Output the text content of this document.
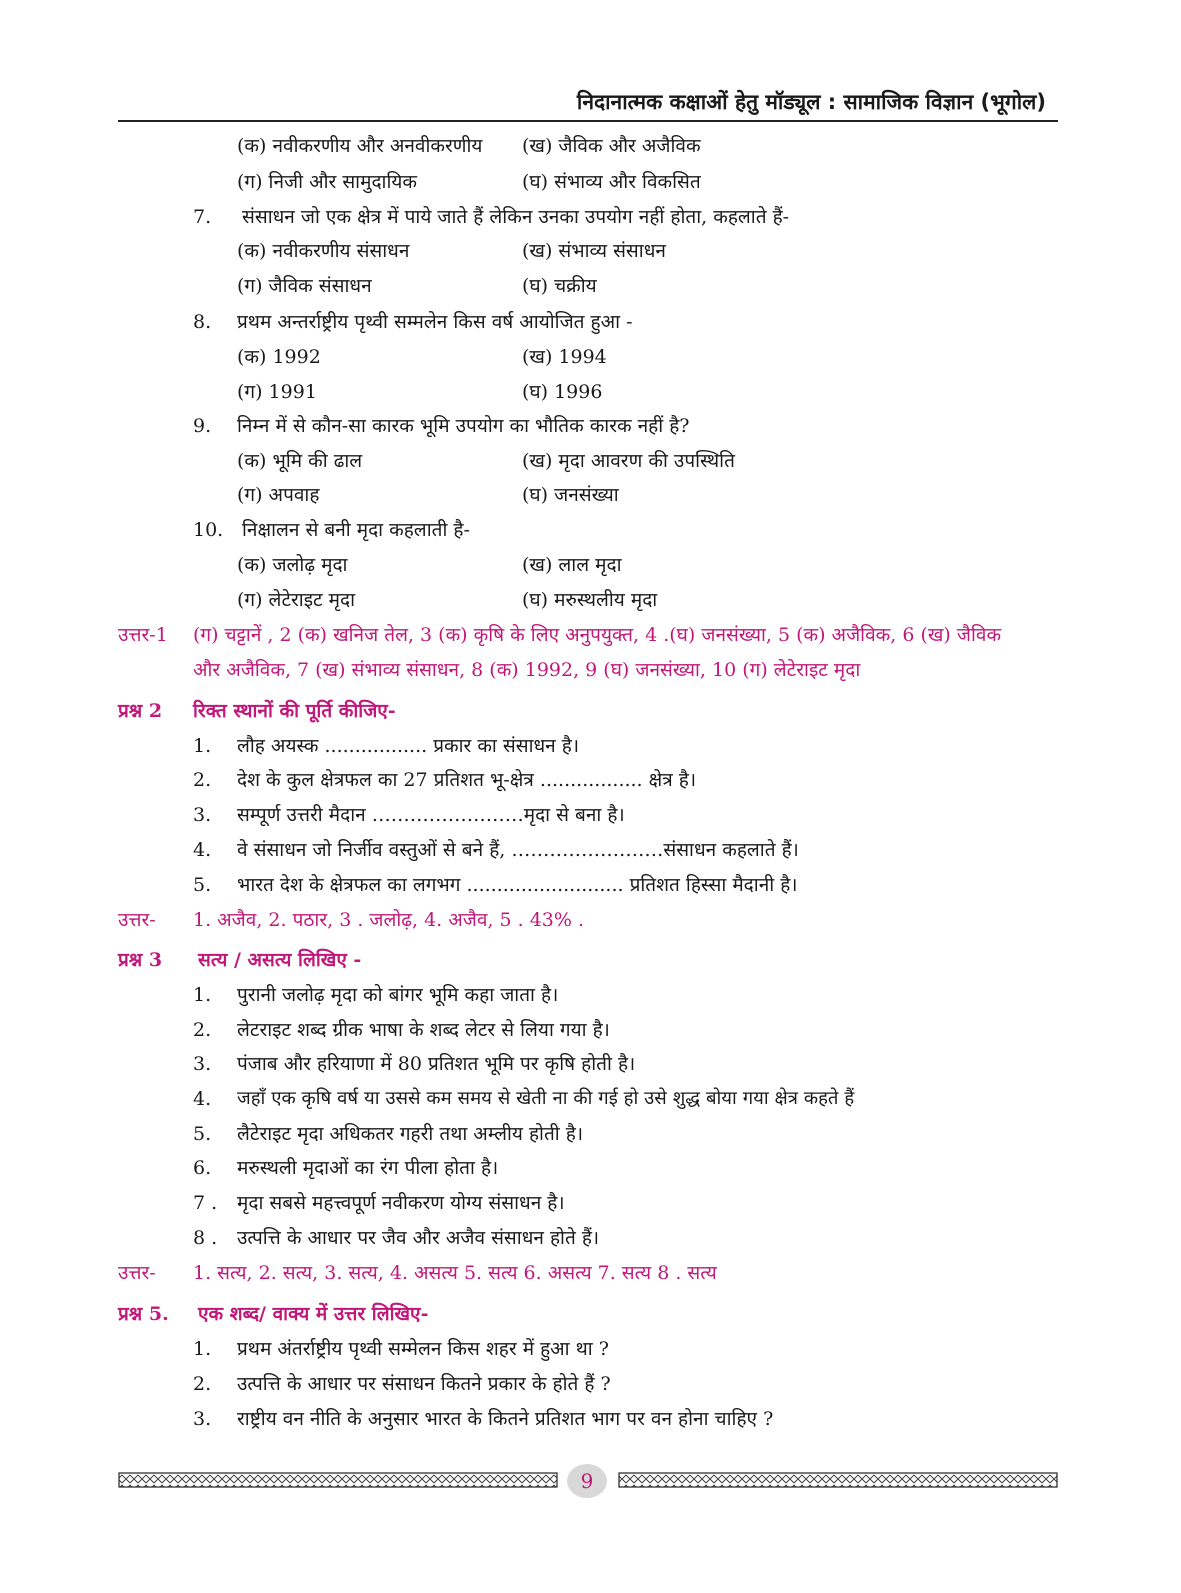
निदानात्मक कक्षाओं हेतु मॉड्यूल : सामाजिक विज्ञान (भूगोल)
(क) नवीकरणीय और अनवीकरणीय (ख) जैविक और अजैविक
(ग) निजी और सामुदायिक	(घ) संभाव्य और विकसित
7. संसाधन जो एक क्षेत्र में पाये जाते हैं लेकिन उनका उपयोग नहीं होता, कहलाते हैं-
(क) नवीकरणीय संसाधन	(ख) संभाव्य संसाधन
(ग) जैविक संसाधन	(घ) चक्रीय
8. प्रथम अन्तर्राष्ट्रीय पृथ्वी सम्मलेन किस वर्ष आयोजित हुआ -
(क) 1992	(ख) 1994
(ग) 1991	(घ) 1996
9. निम्न में से कौन-सा कारक भूमि उपयोग का भौतिक कारक नहीं है?
(क) भूमि की ढाल	(ख) मृदा आवरण की उपस्थिति
(ग) अपवाह	(घ) जनसंख्या
10. निक्षालन से बनी मृदा कहलाती है-
(क) जलोढ़ मृदा	(ख) लाल मृदा
(ग) लेटेराइट मृदा	(घ) मरुस्थलीय मृदा
उत्तर-1 (ग) चट्टानें , 2 (क) खनिज तेल, 3 (क) कृषि के लिए अनुपयुक्त, 4 .(घ) जनसंख्या, 5 (क) अजैविक, 6 (ख) जैविक
और अजैविक, 7 (ख) संभाव्य संसाधन, 8 (क) 1992, 9 (घ) जनसंख्या, 10 (ग) लेटेराइट मृदा
प्रश्न 2 रिक्त स्थानों की पूर्ति कीजिए-
1. लौह अयस्क ................. प्रकार का संसाधन है।
2. देश के कुल क्षेत्रफल का 27 प्रतिशत भू-क्षेत्र ................. क्षेत्र है।
3. सम्पूर्ण उत्तरी मैदान ……………………मृदा से बना है।
4. वे संसाधन जो निर्जीव वस्तुओं से बने हैं, ……………………संसाधन कहलाते हैं।
5. भारत देश के क्षेत्रफल का लगभग .......................... प्रतिशत हिस्सा मैदानी है।
उत्तर- 1. अजैव, 2. पठार, 3 . जलोढ़, 4. अजैव, 5 . 43% .
प्रश्न 3 सत्य / असत्य लिखिए -
1. पुरानी जलोढ़ मृदा को बांगर भूमि कहा जाता है।
2. लेटराइट शब्द ग्रीक भाषा के शब्द लेटर से लिया गया है।
3. पंजाब और हरियाणा में 80 प्रतिशत भूमि पर कृषि होती है।
4. जहाँ एक कृषि वर्ष या उससे कम समय से खेती ना की गई हो उसे शुद्ध बोया गया क्षेत्र कहते हैं
5. लैटेराइट मृदा अधिकतर गहरी तथा अम्लीय होती है।
6. मरुस्थली मृदाओं का रंग पीला होता है।
7 . मृदा सबसे महत्त्वपूर्ण नवीकरण योग्य संसाधन है।
8 . उत्पत्ति के आधार पर जैव और अजैव संसाधन होते हैं।
उत्तर- 1. सत्य, 2. सत्य, 3. सत्य, 4. असत्य 5. सत्य 6. असत्य 7. सत्य 8 . सत्य
प्रश्न 5. एक शब्द/ वाक्य में उत्तर लिखिए-
1. प्रथम अंतर्राष्ट्रीय पृथ्वी सम्मेलन किस शहर में हुआ था ?
2. उत्पत्ति के आधार पर संसाधन कितने प्रकार के होते हैं ?
3. राष्ट्रीय वन नीति के अनुसार भारत के कितने प्रतिशत भाग पर वन होना चाहिए ?
9
